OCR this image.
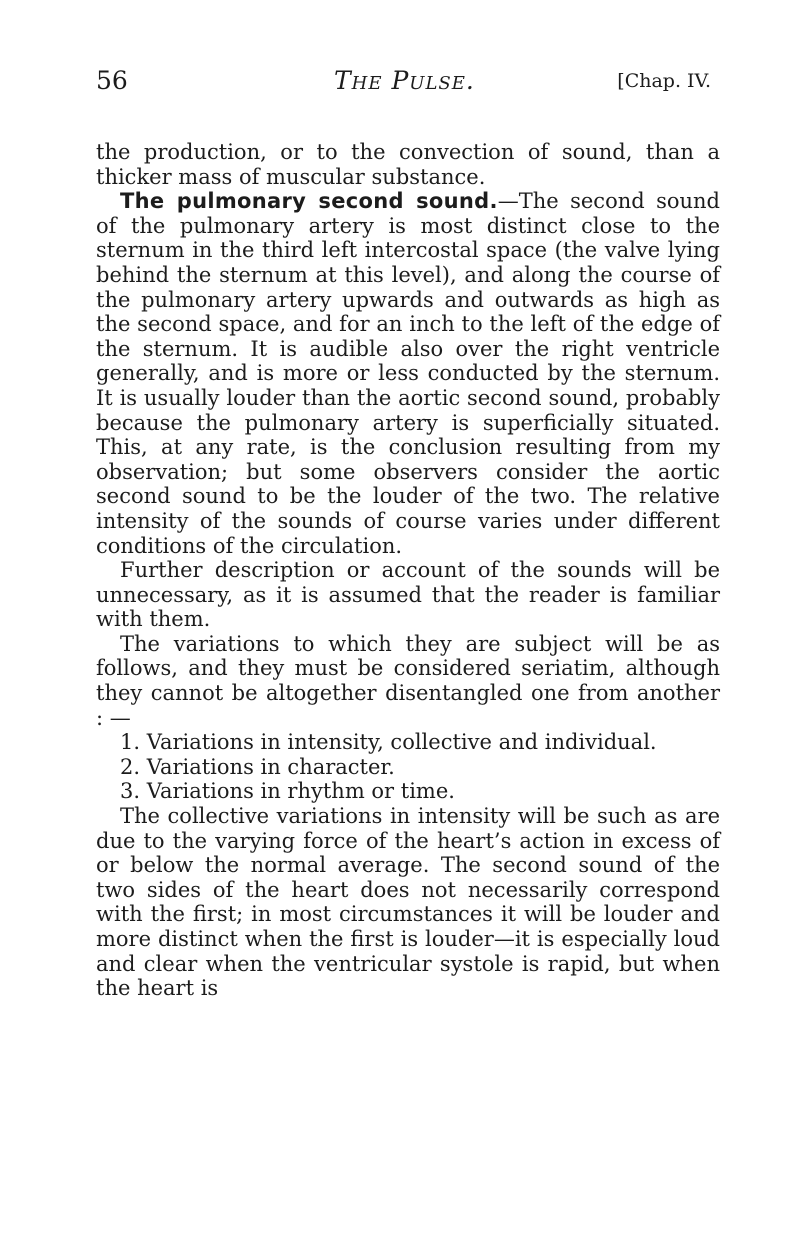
56	The Pulse.	[Chap. IV.

the production, or to the convection of sound, than a thicker mass of muscular substance.

The pulmonary second sound.—The second sound of the pulmonary artery is most distinct close to the sternum in the third left intercostal space (the valve lying behind the sternum at this level), and along the course of the pulmonary artery upwards and outwards as high as the second space, and for an inch to the left of the edge of the sternum. It is audible also over the right ventricle generally, and is more or less conducted by the sternum. It is usually louder than the aortic second sound, probably because the pulmonary artery is superficially situated. This, at any rate, is the conclusion resulting from my observation; but some observers consider the aortic second sound to be the louder of the two. The relative intensity of the sounds of course varies under different conditions of the circulation.

Further description or account of the sounds will be unnecessary, as it is assumed that the reader is familiar with them.

The variations to which they are subject will be as follows, and they must be considered seriatim, although they cannot be altogether disentangled one from another : —

1. Variations in intensity, collective and individual.

2. Variations in character.

3. Variations in rhythm or time.

The collective variations in intensity will be such as are due to the varying force of the heart’s action in excess of or below the normal average. The second sound of the two sides of the heart does not necessarily correspond with the first; in most circumstances it will be louder and more distinct when the first is louder—it is especially loud and clear when the ventricular systole is rapid, but when the heart is
